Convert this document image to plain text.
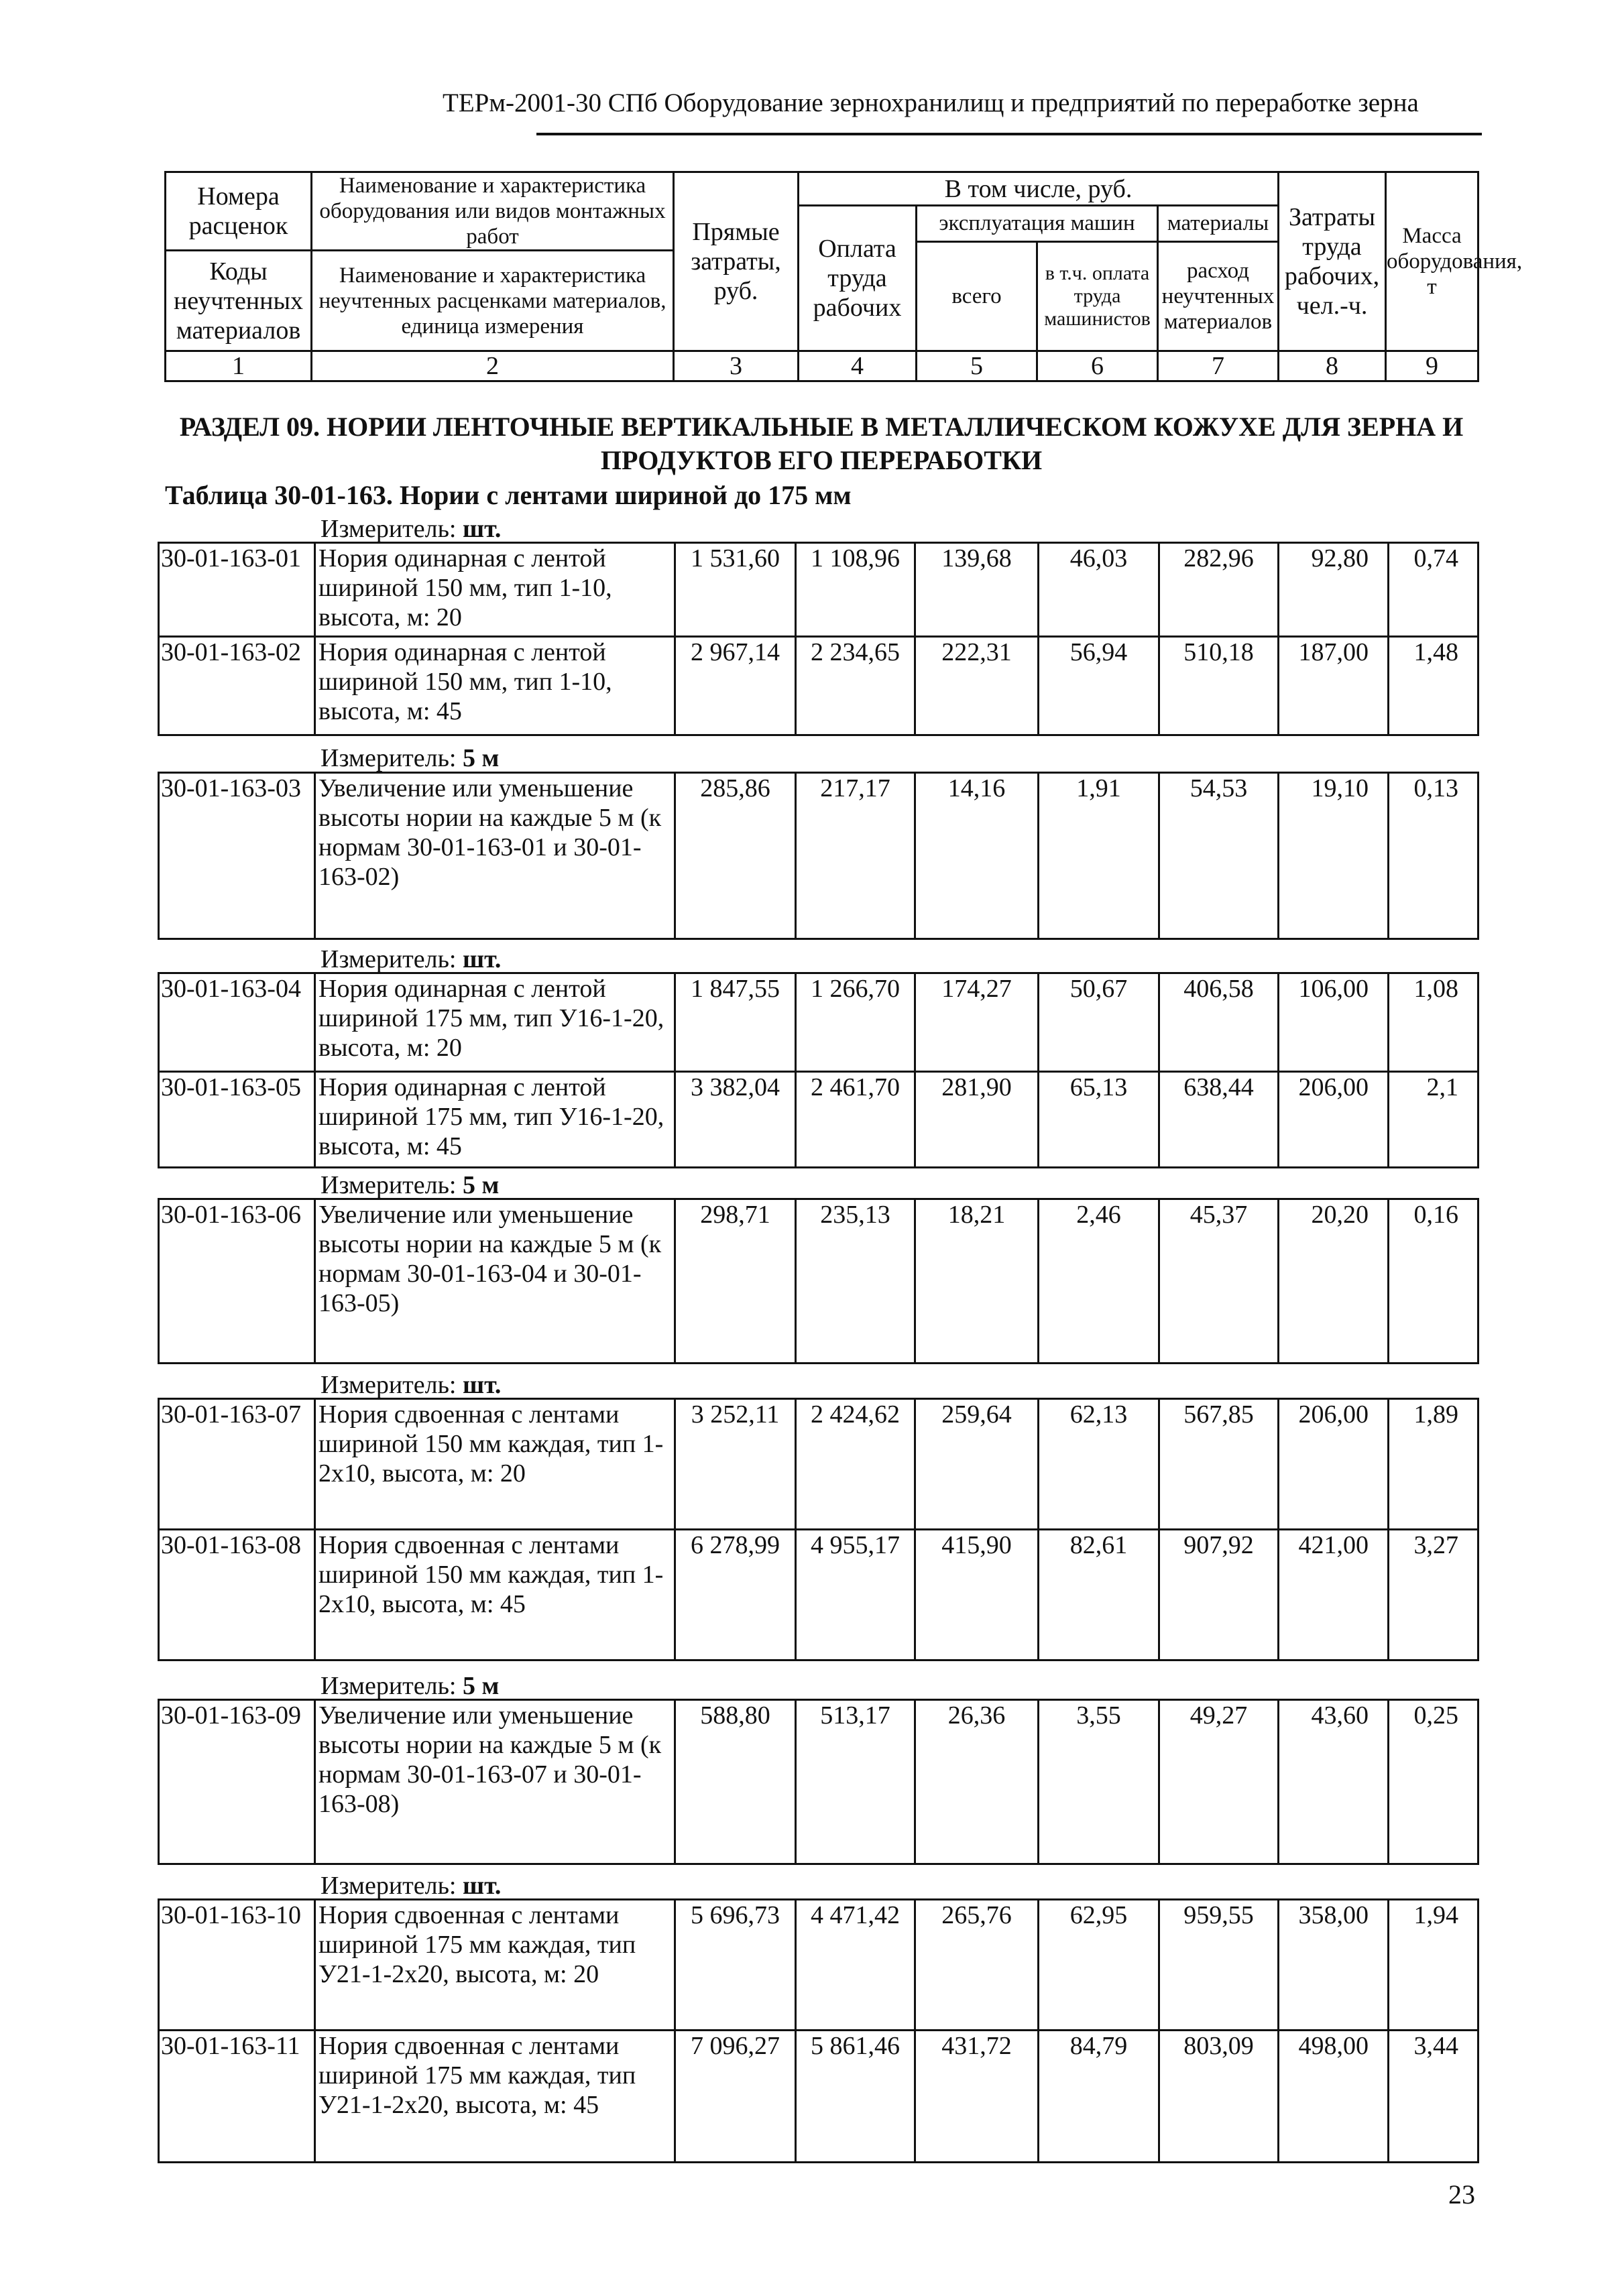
ТЕРм-2001-30 СПб Оборудование зернохранилищ и предприятий по переработке зерна
Номера расценок	Наименование и характеристика оборудования или видов монтажных работ	Прямые затраты, руб.	В том числе, руб.				Затраты труда рабочих, чел.-ч.	Масса оборудования, т
			Оплата труда рабочих	эксплуатация машин		материалы		
				всего	в т.ч. оплата труда машинистов	расход неучтенных материалов		
Коды неучтенных материалов	Наименование и характеристика неучтенных расценками материалов, единица измерения							

1	2	3	4	5	6	7	8	9
РАЗДЕЛ 09. НОРИИ ЛЕНТОЧНЫЕ ВЕРТИКАЛЬНЫЕ В МЕТАЛЛИЧЕСКОМ КОЖУХЕ ДЛЯ ЗЕРНА И ПРОДУКТОВ ЕГО ПЕРЕРАБОТКИ
Таблица 30-01-163. Нории с лентами шириной до 175 мм
Измеритель: шт.
Измеритель: 5 м
Измеритель: шт.
Измеритель: 5 м
Измеритель: шт.
Измеритель: 5 м
Измеритель: шт.
30-01-163-01	Нория одинарная с лентой шириной 150 мм, тип 1-10, высота, м: 20	1 531,60	1 108,96	139,68	46,03	282,96	92,80	0,74
30-01-163-02	Нория одинарная с лентой шириной 150 мм, тип 1-10, высота, м: 45	2 967,14	2 234,65	222,31	56,94	510,18	187,00	1,48
30-01-163-03	Увеличение или уменьшение высоты нории на каждые 5 м (к нормам 30-01-163-01 и 30-01-163-02)	285,86	217,17	14,16	1,91	54,53	19,10	0,13
30-01-163-04	Нория одинарная с лентой шириной 175 мм, тип У16-1-20, высота, м: 20	1 847,55	1 266,70	174,27	50,67	406,58	106,00	1,08
30-01-163-05	Нория одинарная с лентой шириной 175 мм, тип У16-1-20, высота, м: 45	3 382,04	2 461,70	281,90	65,13	638,44	206,00	2,1
30-01-163-06	Увеличение или уменьшение высоты нории на каждые 5 м (к нормам 30-01-163-04 и 30-01-163-05)	298,71	235,13	18,21	2,46	45,37	20,20	0,16
30-01-163-07	Нория сдвоенная с лентами шириной 150 мм каждая, тип 1-2х10, высота, м: 20	3 252,11	2 424,62	259,64	62,13	567,85	206,00	1,89
30-01-163-08	Нория сдвоенная с лентами шириной 150 мм каждая, тип 1-2х10, высота, м: 45	6 278,99	4 955,17	415,90	82,61	907,92	421,00	3,27
30-01-163-09	Увеличение или уменьшение высоты нории на каждые 5 м (к нормам 30-01-163-07 и 30-01-163-08)	588,80	513,17	26,36	3,55	49,27	43,60	0,25
30-01-163-10	Нория сдвоенная с лентами шириной 175 мм каждая, тип У21-1-2х20, высота, м: 20	5 696,73	4 471,42	265,76	62,95	959,55	358,00	1,94
30-01-163-11	Нория сдвоенная с лентами шириной 175 мм каждая, тип У21-1-2х20, высота, м: 45	7 096,27	5 861,46	431,72	84,79	803,09	498,00	3,44
23
